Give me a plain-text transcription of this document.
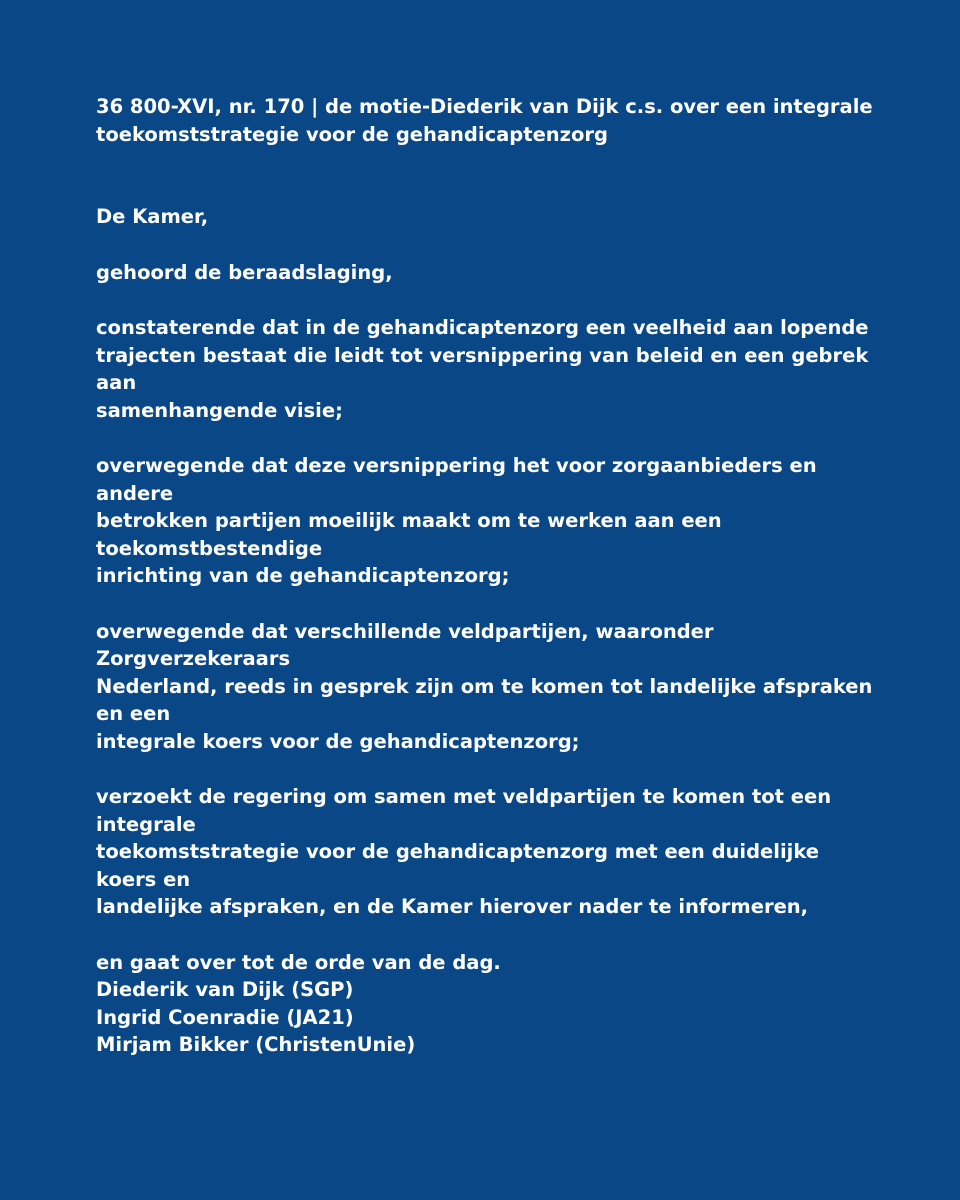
36 800-XVI, nr. 170 | de motie-Diederik van Dijk c.s. over een integrale
toekomststrategie voor de gehandicaptenzorg

De Kamer,

gehoord de beraadslaging,

constaterende dat in de gehandicaptenzorg een veelheid aan lopende
trajecten bestaat die leidt tot versnippering van beleid en een gebrek aan
samenhangende visie;

overwegende dat deze versnippering het voor zorgaanbieders en andere
betrokken partijen moeilijk maakt om te werken aan een toekomstbestendige
inrichting van de gehandicaptenzorg;

overwegende dat verschillende veldpartijen, waaronder Zorgverzekeraars
Nederland, reeds in gesprek zijn om te komen tot landelijke afspraken en een
integrale koers voor de gehandicaptenzorg;

verzoekt de regering om samen met veldpartijen te komen tot een integrale
toekomststrategie voor de gehandicaptenzorg met een duidelijke koers en
landelijke afspraken, en de Kamer hierover nader te informeren,

en gaat over tot de orde van de dag.

Diederik van Dijk (SGP)
Ingrid Coenradie (JA21)
Mirjam Bikker (ChristenUnie)
